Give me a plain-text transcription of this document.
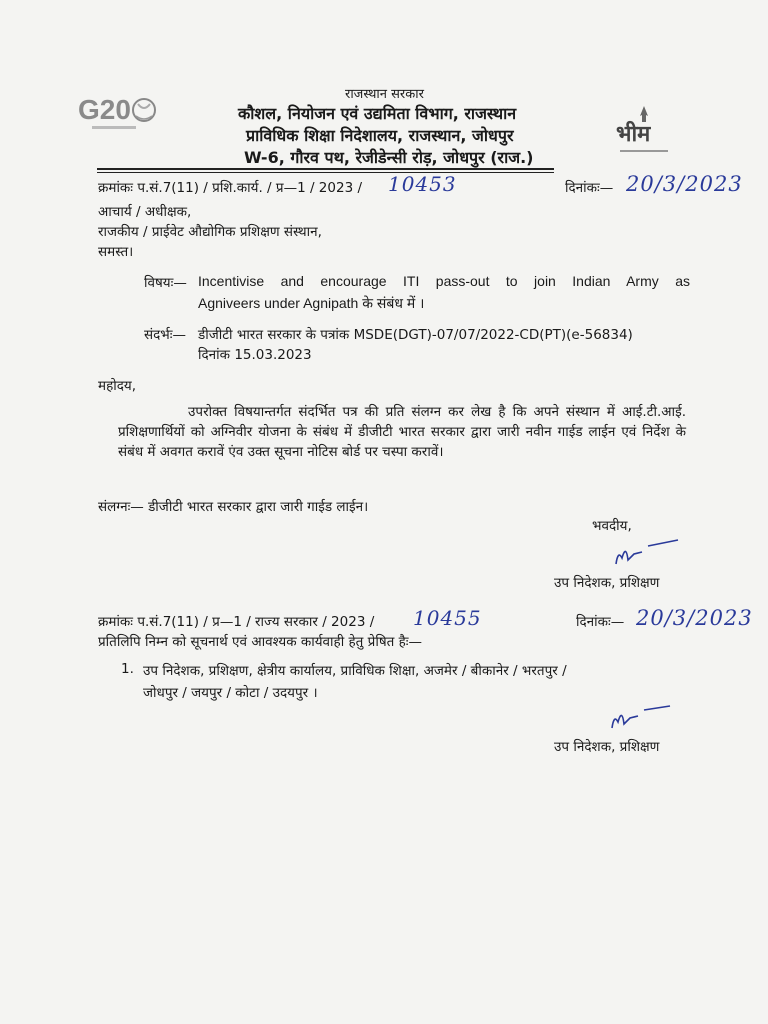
G20
भीम
राजस्थान सरकार
कौशल, नियोजन एवं उद्यमिता विभाग, राजस्थान
प्राविधिक शिक्षा निदेशालय, राजस्थान, जोधपुर
W-6, गौरव पथ, रेजीडेन्सी रोड़, जोधपुर (राज.)
क्रमांकः प.सं.7(11) / प्रशि.कार्य. / प्र—1 / 2023 / 10453	दिनांकः— 20/3/2023
आचार्य / अधीक्षक,
राजकीय / प्राईवेट औद्योगिक प्रशिक्षण संस्थान,
समस्त।
विषयः— Incentivise and encourage ITI pass-out to join Indian Army as
Agniveers under Agnipath के संबंध में ।
संदर्भः— डीजीटी भारत सरकार के पत्रांक MSDE(DGT)-07/07/2022-CD(PT)(e-56834)
दिनांक 15.03.2023
महोदय,
उपरोक्त विषयान्तर्गत संदर्भित पत्र की प्रति संलग्न कर लेख है कि अपने संस्थान में आई.टी.आई. प्रशिक्षणार्थियों को अग्निवीर योजना के संबंध में डीजीटी भारत सरकार द्वारा जारी नवीन गाईड लाईन एवं निर्देश के संबंध में अवगत करावें एंव उक्त सूचना नोटिस बोर्ड पर चस्पा करावें।
संलग्नः— डीजीटी भारत सरकार द्वारा जारी गाईड लाईन।
भवदीय,
उप निदेशक, प्रशिक्षण
क्रमांकः प.सं.7(11) / प्र—1 / राज्य सरकार / 2023 / 10455	दिनांकः— 20/3/2023
प्रतिलिपि निम्न को सूचनार्थ एवं आवश्यक कार्यवाही हेतु प्रेषित हैः—
1. उप निदेशक, प्रशिक्षण, क्षेत्रीय कार्यालय, प्राविधिक शिक्षा, अजमेर / बीकानेर / भरतपुर /
जोधपुर / जयपुर / कोटा / उदयपुर ।
उप निदेशक, प्रशिक्षण
